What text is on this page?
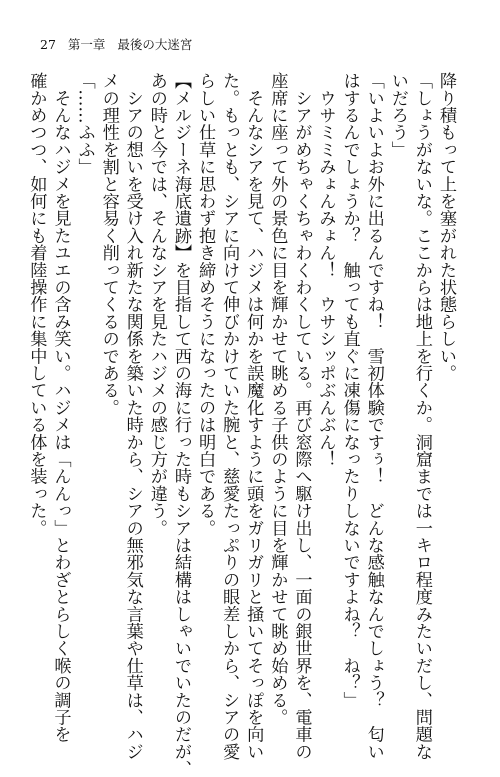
27 第一章 最後の大迷宮

降り積もって上を塞がれた状態らしい。

「しょうがないな。ここからは地上を行くか。洞窟までは一キロ程度みたいだし、問題な

いだろう」

「いよいよお外に出るんですね！　雪初体験ですぅ！　どんな感触なんでしょう？　匂い

はするんでしょうか？　触っても直ぐに凍傷になったりしないですよね？　ね？」

　ウサミミみょんみょん！　ウサシッポぶんぶん！

　シアがめちゃくちゃわくわくしている。再び窓際へ駆け出し、一面の銀世界を、電車の

座席に座って外の景色に目を輝かせて眺める子供のように目を輝かせて眺め始める。

　そんなシアを見て、ハジメは何かを誤魔化すように頭をガリガリと掻いてそっぽを向い

た。もっとも、シアに向けて伸びかけていた腕と、慈愛たっぷりの眼差しから、シアの愛

らしい仕草に思わず抱き締めそうになったのは明白である。

【メルジーネ海底遺跡】を目指して西の海に行った時もシアは結構はしゃいでいたのだが、

あの時と今では、そんなシアを見たハジメの感じ方が違う。

　シアの想いを受け入れ新たな関係を築いた時から、シアの無邪気な言葉や仕草は、ハジ

メの理性を割と容易く削ってくるのである。

「……ふふ」

　そんなハジメを見たユエの含み笑い。ハジメは「んんっ」とわざとらしく喉の調子を

確かめつつ、如何にも着陸操作に集中している体を装った。
